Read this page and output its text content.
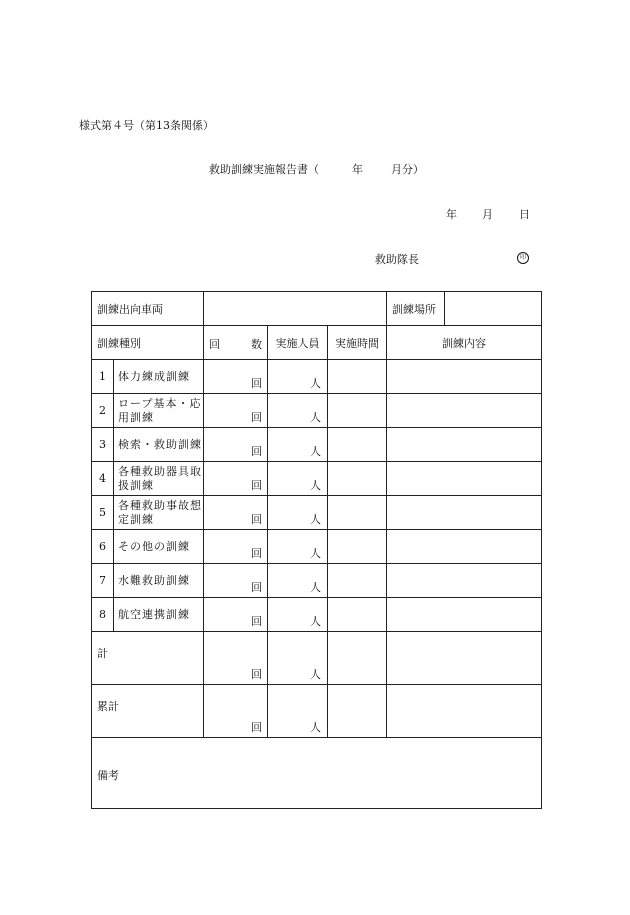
様式第４号（第13条関係）
救助訓練実施報告書（	年	月分）
年 月 日
救助隊長	印
訓練出向車両					訓練場所	
訓練種別		回 数	実施人員	実施時間	訓練内容	
1	体力練成訓練	回	人			

2	ロープ基本・応用訓練	回	人			

3	検索・救助訓練	回	人			

4	各種救助器具取扱訓練	回	人			

5	各種救助事故想定訓練	回	人			

6	その他の訓練	回	人			

7	水難救助訓練	回	人			

8	航空連携訓練	回	人			

計		回	人			

累計		回	人			

備考						
